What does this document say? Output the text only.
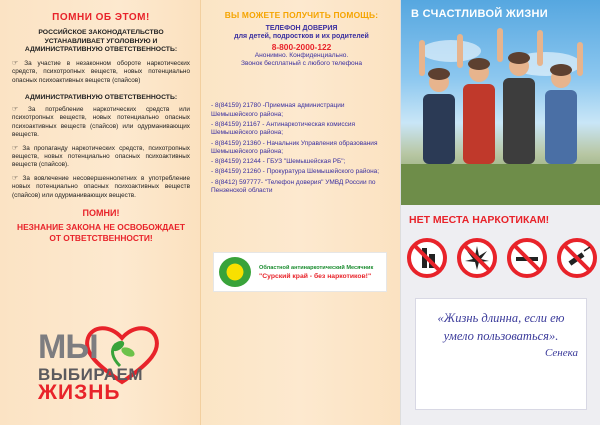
ПОМНИ ОБ ЭТОМ!
РОССИЙСКОЕ ЗАКОНОДАТЕЛЬСТВО УСТАНАВЛИВАЕТ УГОЛОВНУЮ И АДМИНИСТРАТИВНУЮ ОТВЕТСТВЕННОСТЬ:
☞ За участие в незаконном обороте наркотических средств, психотропных веществ, новых потенциально опасных психоактивных веществ (спайсов)
АДМИНИСТРАТИВНУЮ ОТВЕТСТВЕННОСТЬ:
☞ За потребление наркотических средств или психотропных веществ, новых потенциально опасных психоактивных веществ (спайсов) или одурманивающих веществ.
☞ За пропаганду наркотических средств, психотропных веществ, новых потенциально опасных психоактивных веществ (спайсов).
☞ За вовлечение несовершеннолетних в употребление новых потенциально опасных психоактивных веществ (спайсов) или одурманивающих веществ.
ПОМНИ!
НЕЗНАНИЕ ЗАКОНА НЕ ОСВОБОЖДАЕТ ОТ ОТВЕТСТВЕННОСТИ!
МЫ
ВЫБИРАЕМ
ЖИЗНЬ
ВЫ МОЖЕТЕ ПОЛУЧИТЬ ПОМОЩЬ:
ТЕЛЕФОН ДОВЕРИЯ
для детей, подростков и их родителей
8-800-2000-122
Анонимно. Конфиденциально.
Звонок бесплатный с любого телефона
- 8(84159) 21780 -Приемная администрации Шемышейского района;
- 8(84159) 21167 - Антинаркотическая комиссия Шемышейского района;
- 8(84159) 21360 - Начальник Управления образования Шемышейского района;
- 8(84159) 21244 - ГБУЗ "Шемышейская РБ";
- 8(84159) 21260 - Прокуратура Шемышейского района;
- 8(8412) 597777- "Телефон доверия" УМВД России по Пензенской области
Областной антинаркотический Месячник
"Сурский край - без наркотиков!"
В СЧАСТЛИВОЙ ЖИЗНИ
НЕТ МЕСТА НАРКОТИКАМ!
«Жизнь длинна, если ею умело пользоваться».
Сенека
